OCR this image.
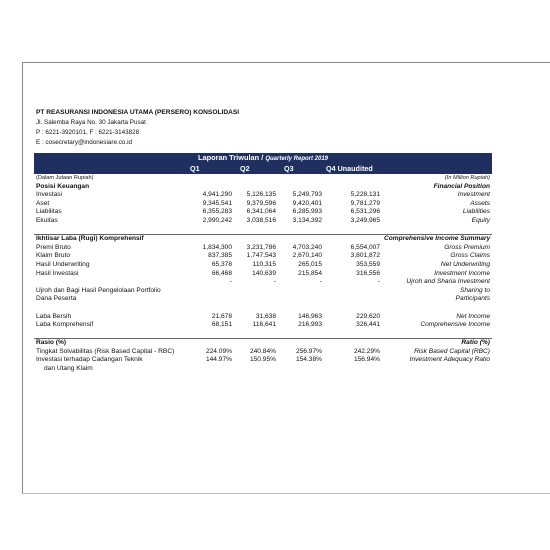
PT REASURANSI INDONESIA UTAMA (PERSERO) KONSOLIDASI
Jl. Salemba Raya No. 30 Jakarta Pusat
P : 6221-3920101, F : 6221-3143828
E : cosecretary@indonesiare.co.id
Laporan Triwulan / Quarterly Report 2019					
	Q1	Q2	Q3	Q4 Unaudited	
(Dalam Jutaan Rupiah)					(In Million Rupiah)
Posisi Keuangan					Financial Position
Investasi	4,941,290	5,126,135	5,249,793	5,228,131	Investment
Aset	9,345,541	9,379,596	9,420,401	9,781,279	Assets
Liabilitas	6,355,283	6,341,064	6,285,993	6,531,296	Liabilities
Ekuitas	2,990,242	3,038,516	3,134,392	3,249,965	Equity

Ikhtisar Laba (Rugi) Komprehensif					Comprehensive Income Summary
Premi Bruto	1,834,300	3,231,786	4,703,240	6,554,007	Gross Premium
Klaim Bruto	837,385	1,747,543	2,670,140	3,801,872	Gross Claims
Hasil Underwriting	65,378	110,315	265,015	353,559	Net Underwriting
Hasil Investasi	66,468	140,639	215,854	316,556	Investment Income
	-	-	-	-	Ujroh and Sharia Investment
Ujroh dan Bagi Hasil Pengelolaan Portfolio					Sharing to
Dana Peserta					Participants

Laba Bersih	21,678	31,638	146,963	229,620	Net Income
Laba Komprehensif	68,151	116,641	216,993	326,441	Comprehensive Income

Rasio (%)					Ratio (%)
Tingkat Solvabilitas (Risk Based Capital - RBC)	224.09%	240.84%	256.97%	242.29%	Risk Based Capital (RBC)
Investasi terhadap Cadangan Teknik	144.97%	150.95%	154.38%	156.94%	Investment Adequacy Ratio
dan Utang Klaim					
